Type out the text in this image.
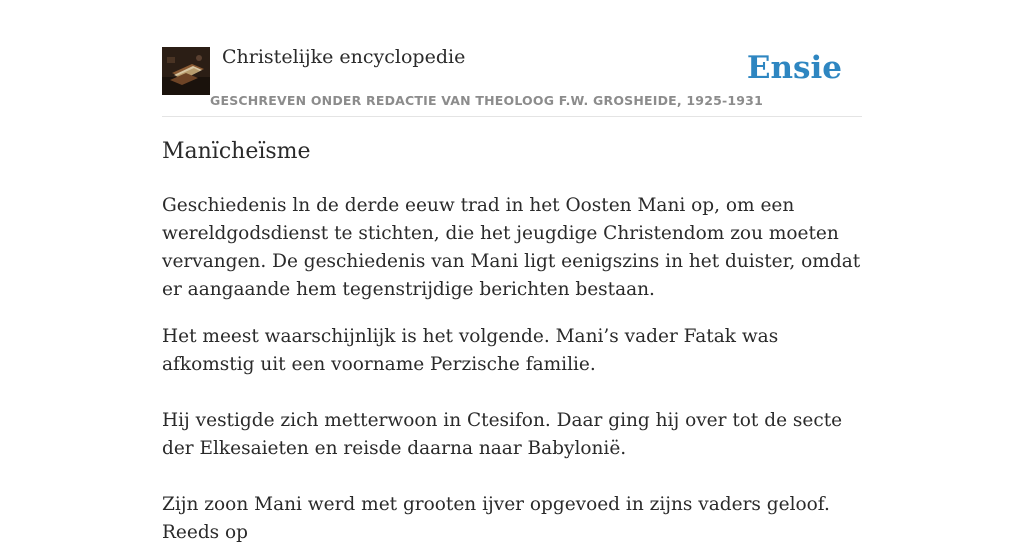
Christelijke encyclopedie
GESCHREVEN ONDER REDACTIE VAN THEOLOOG F.W. GROSHEIDE, 1925-1931
Ensie
Manïcheïsme

Geschiedenis ln de derde eeuw trad in het Oosten Mani op, om een wereldgodsdienst te stichten, die het jeugdige Christendom zou moeten vervangen. De geschiedenis van Mani ligt eenigszins in het duister, omdat er aangaande hem tegenstrijdige berichten bestaan.

Het meest waarschijnlijk is het volgende. Mani’s vader Fatak was afkomstig uit een voorname Perzische familie.

Hij vestigde zich metterwoon in Ctesifon. Daar ging hij over tot de secte der Elkesaieten en reisde daarna naar Babylonië.

Zijn zoon Mani werd met grooten ijver opgevoed in zijns vaders geloof. Reeds op
